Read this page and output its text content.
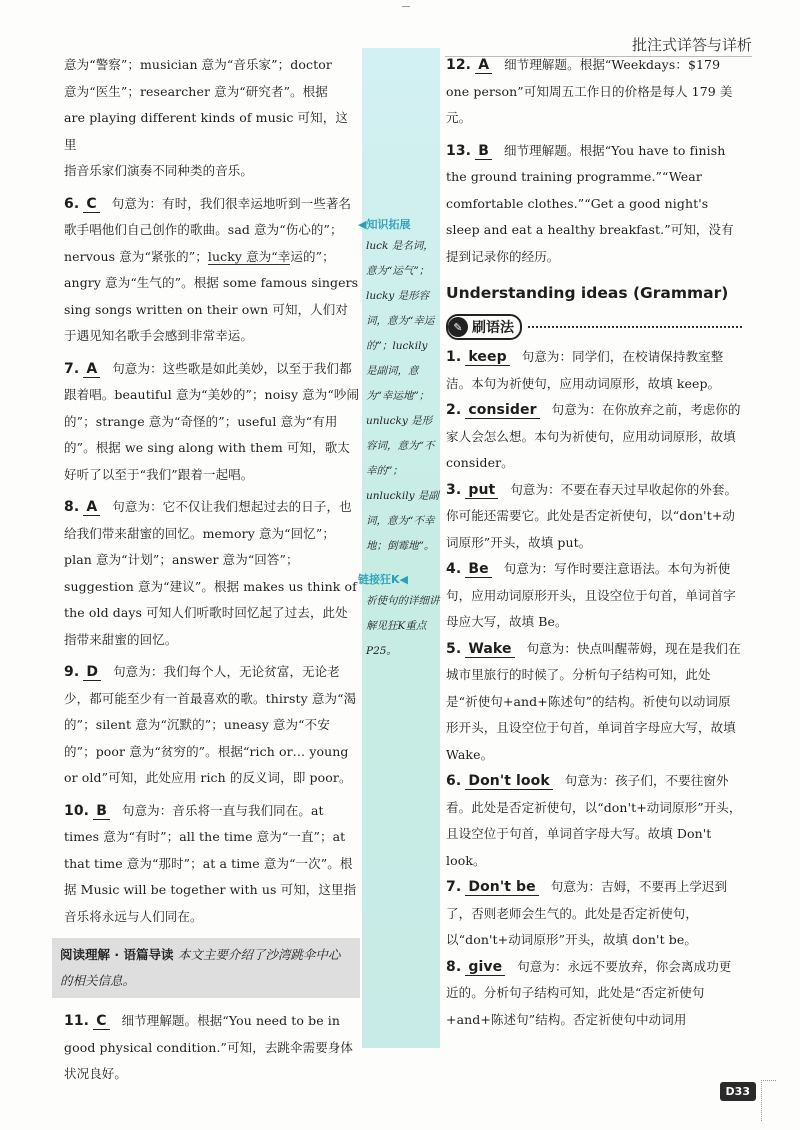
批注式详答与详析

意为“警察”；musician 意为“音乐家”；doctor

意为“医生”；researcher 意为“研究者”。根据

are playing different kinds of music 可知，这里

指音乐家们演奏不同种类的音乐。

6. C 句意为：有时，我们很幸运地听到一些著名歌手唱他们自己创作的歌曲。sad 意为“伤心的”；nervous 意为“紧张的”；lucky 意为“幸运的”；angry 意为“生气的”。根据 some famous singers sing songs written on their own 可知，人们对于遇见知名歌手会感到非常幸运。

7. A 句意为：这些歌是如此美妙，以至于我们都跟着唱。beautiful 意为“美妙的”；noisy 意为“吵闹的”；strange 意为“奇怪的”；useful 意为“有用的”。根据 we sing along with them 可知，歌太好听了以至于“我们”跟着一起唱。

8. A 句意为：它不仅让我们想起过去的日子，也给我们带来甜蜜的回忆。memory 意为“回忆”；plan 意为“计划”；answer 意为“回答”；suggestion 意为“建议”。根据 makes us think of the old days 可知人们听歌时回忆起了过去，此处指带来甜蜜的回忆。

9. D 句意为：我们每个人，无论贫富，无论老少，都可能至少有一首最喜欢的歌。thirsty 意为“渴的”；silent 意为“沉默的”；uneasy 意为“不安的”；poor 意为“贫穷的”。根据“rich or… young or old”可知，此处应用 rich 的反义词，即 poor。

10. B 句意为：音乐将一直与我们同在。at times 意为“有时”；all the time 意为“一直”；at that time 意为“那时”；at a time 意为“一次”。根据 Music will be together with us 可知，这里指音乐将永远与人们同在。

阅读理解 · 语篇导读 本文主要介绍了沙湾跳伞中心的相关信息。

11. C 细节理解题。根据“You need to be in good physical condition.”可知，去跳伞需要身体状况良好。

◀知识拓展

luck 是名词，意为“运气”；lucky 是形容词，意为“幸运的”；luckily 是副词，意为“幸运地”；unlucky 是形容词，意为“不幸的”；unluckily 是副词，意为“不幸地；倒霉地”。

链接狂K◀

祈使句的详细讲解见狂K重点P25。

12. A 细节理解题。根据“Weekdays：$179 one person”可知周五工作日的价格是每人 179 美元。

13. B 细节理解题。根据“You have to finish the ground training programme.”“Wear comfortable clothes.”“Get a good night's sleep and eat a healthy breakfast.”可知，没有提到记录你的经历。

Understanding ideas (Grammar)
✎ 刷语法

1. keep 句意为：同学们，在校请保持教室整洁。本句为祈使句，应用动词原形，故填 keep。

2. consider 句意为：在你放弃之前，考虑你的家人会怎么想。本句为祈使句，应用动词原形，故填 consider。

3. put 句意为：不要在春天过早收起你的外套。你可能还需要它。此处是否定祈使句，以“don't+动词原形”开头，故填 put。

4. Be 句意为：写作时要注意语法。本句为祈使句，应用动词原形开头，且设空位于句首，单词首字母应大写，故填 Be。

5. Wake 句意为：快点叫醒蒂姆，现在是我们在城市里旅行的时候了。分析句子结构可知，此处是“祈使句+and+陈述句”的结构。祈使句以动词原形开头，且设空位于句首，单词首字母应大写，故填 Wake。

6. Don't look 句意为：孩子们，不要往窗外看。此处是否定祈使句，以“don't+动词原形”开头，且设空位于句首，单词首字母大写。故填 Don't look。

7. Don't be 句意为：吉姆，不要再上学迟到了，否则老师会生气的。此处是否定祈使句，以“don't+动词原形”开头，故填 don't be。

8. give 句意为：永远不要放弃，你会离成功更近的。分析句子结构可知，此处是“否定祈使句+and+陈述句”结构。否定祈使句中动词用

D33
